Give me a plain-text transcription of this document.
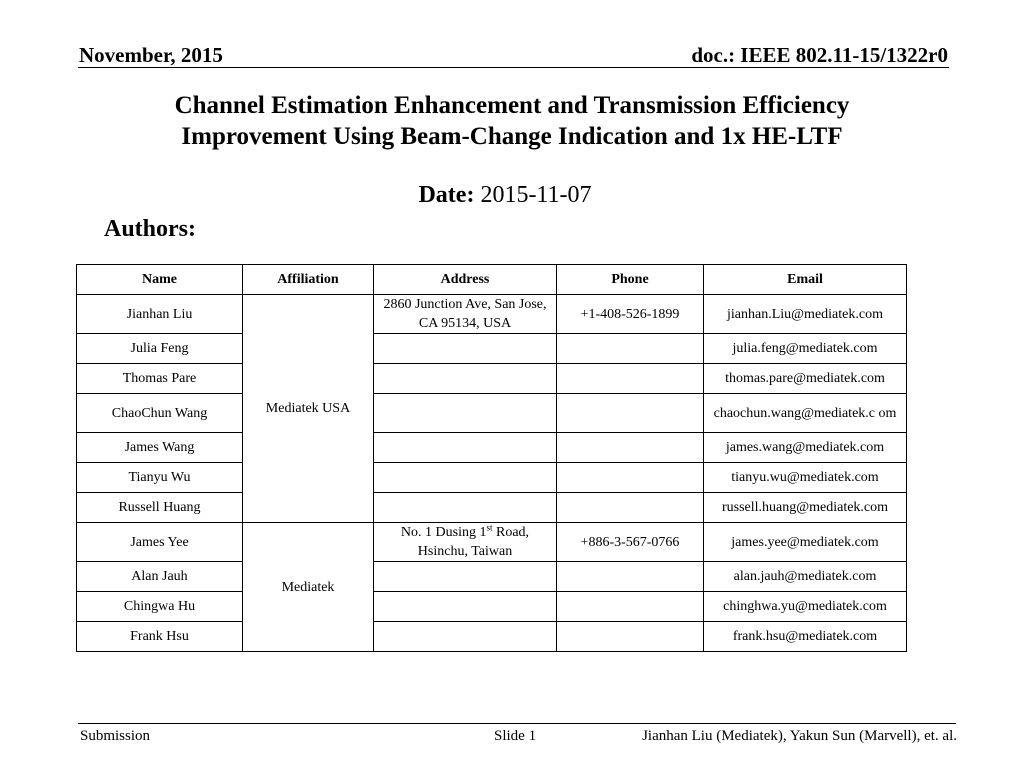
November, 2015	doc.: IEEE 802.11-15/1322r0
Channel Estimation Enhancement and Transmission Efficiency
Improvement Using Beam-Change Indication and 1x HE-LTF
Date: 2015-11-07
Authors:
Name	Affiliation	Address	Phone	Email
Jianhan Liu	Mediatek USA	2860 Junction Ave, San Jose, CA 95134, USA	+1-408-526-1899	jianhan.Liu@mediatek.com
Julia Feng				julia.feng@mediatek.com
Thomas Pare				thomas.pare@mediatek.com
ChaoChun Wang				chaochun.wang@mediatek.c om
James Wang				james.wang@mediatek.com
Tianyu Wu				tianyu.wu@mediatek.com
Russell Huang				russell.huang@mediatek.com
James Yee	Mediatek	No. 1 Dusing 1st Road, Hsinchu, Taiwan	+886-3-567-0766	james.yee@mediatek.com
Alan Jauh				alan.jauh@mediatek.com
Chingwa Hu				chinghwa.yu@mediatek.com
Frank Hsu				frank.hsu@mediatek.com
Submission	Slide 1	Jianhan Liu (Mediatek), Yakun Sun (Marvell), et. al.
